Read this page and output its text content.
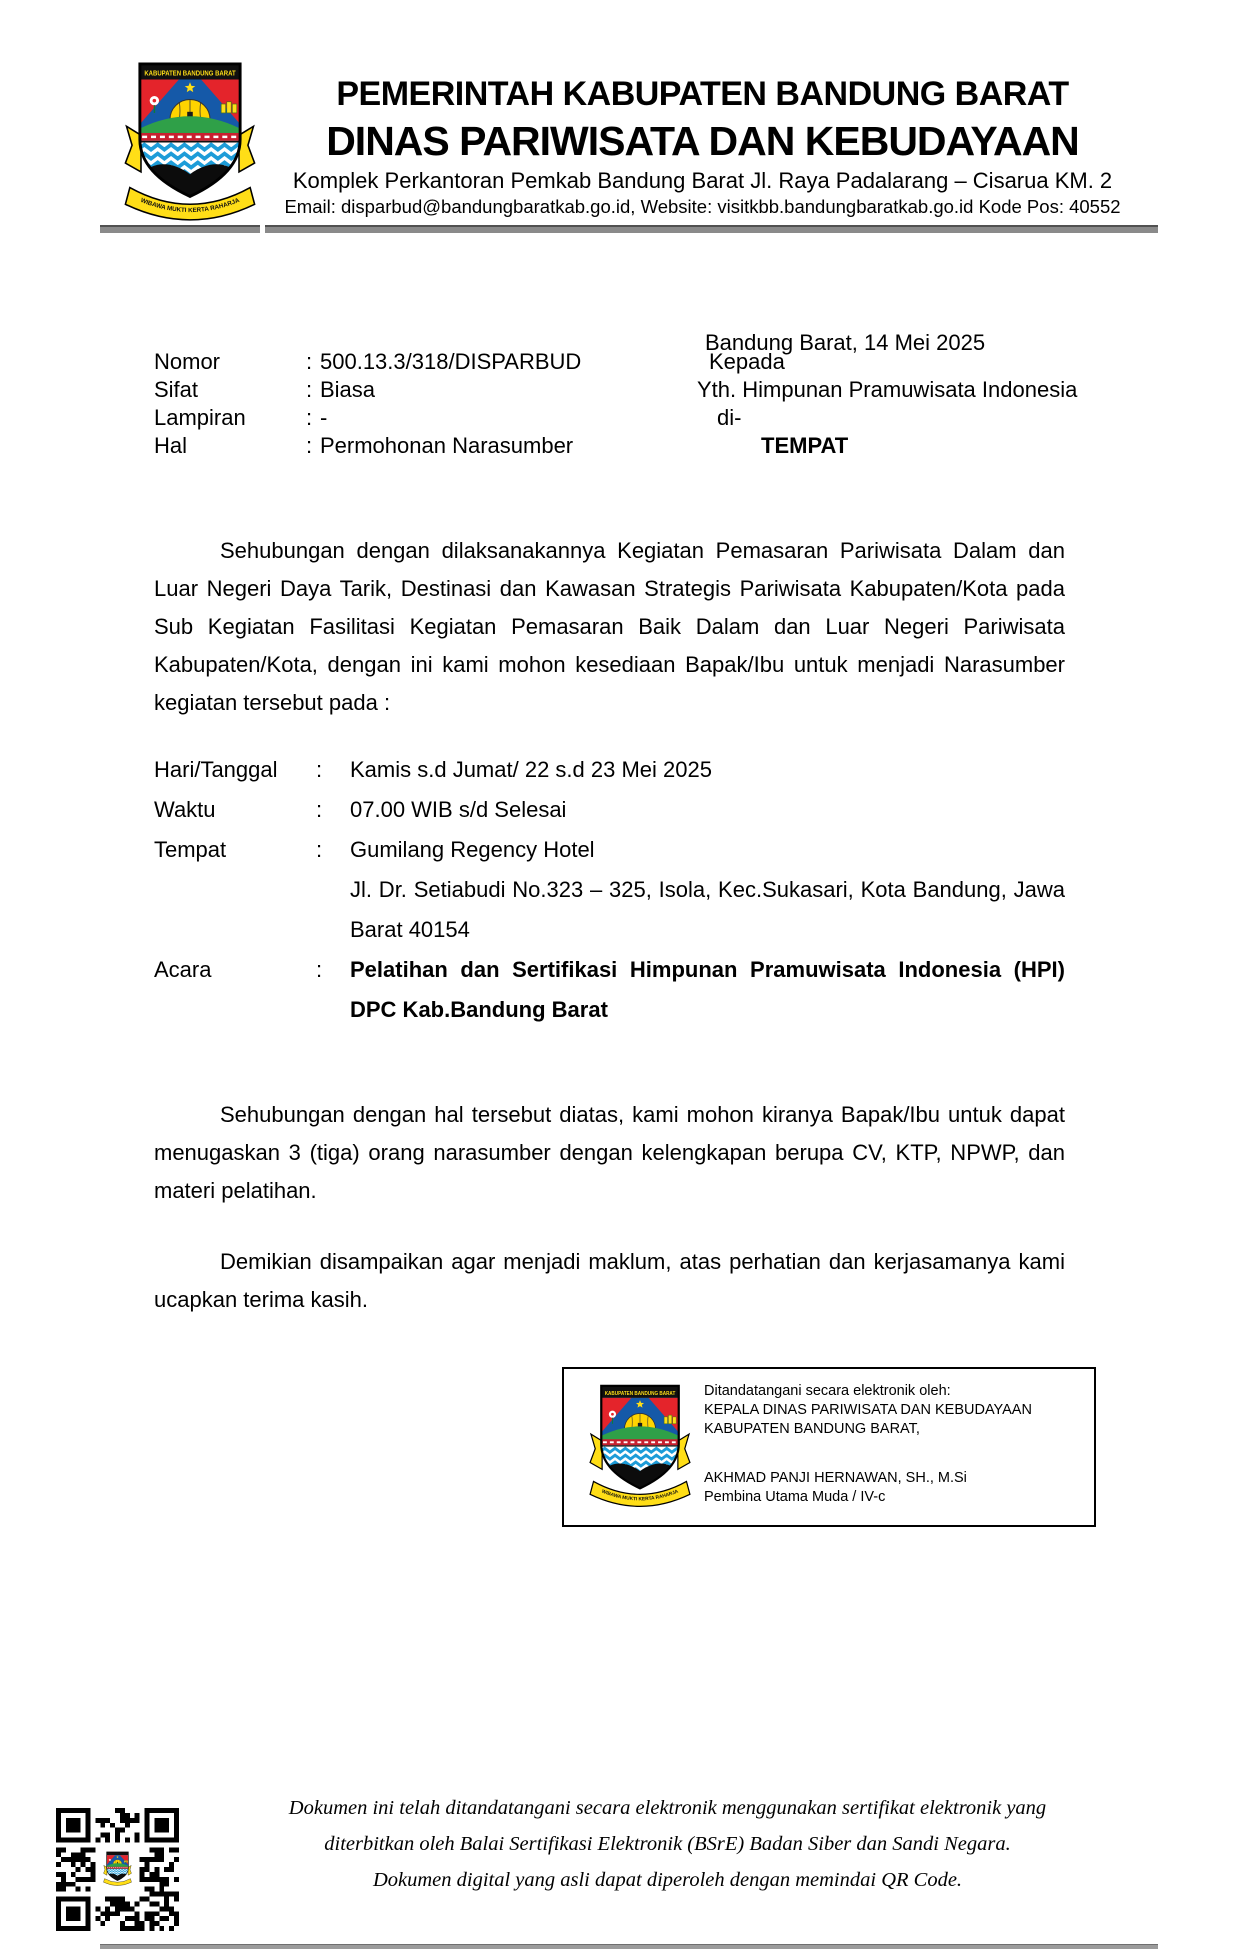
KABUPATEN BANDUNG BARAT
WIBAWA MUKTI KERTA RAHARJA
PEMERINTAH KABUPATEN BANDUNG BARAT
DINAS PARIWISATA DAN KEBUDAYAAN
Komplek Perkantoran Pemkab Bandung Barat Jl. Raya Padalarang – Cisarua KM. 2
Email: disparbud@bandungbaratkab.go.id, Website: visitkbb.bandungbaratkab.go.id Kode Pos: 40552
Bandung Barat, 14 Mei 2025
Nomor	: 500.13.3/318/DISPARBUD
Sifat	: Biasa
Lampiran	: -
Hal	: Permohonan Narasumber
Kepada
Yth. Himpunan Pramuwisata Indonesia
di-
TEMPAT
Sehubungan dengan dilaksanakannya Kegiatan Pemasaran Pariwisata Dalam dan
Luar Negeri Daya Tarik, Destinasi dan Kawasan Strategis Pariwisata Kabupaten/Kota pada
Sub Kegiatan Fasilitasi Kegiatan Pemasaran Baik Dalam dan Luar Negeri Pariwisata
Kabupaten/Kota, dengan ini kami mohon kesediaan Bapak/Ibu untuk menjadi Narasumber
kegiatan tersebut pada :
Hari/Tanggal	:	Kamis s.d Jumat/ 22 s.d 23 Mei 2025
Waktu	:	07.00 WIB s/d Selesai
Tempat	:	Gumilang Regency Hotel
Jl. Dr. Setiabudi No.323 – 325, Isola, Kec.Sukasari, Kota Bandung, Jawa
Barat 40154
Acara	:	Pelatihan dan Sertifikasi Himpunan Pramuwisata Indonesia (HPI)
DPC Kab.Bandung Barat
Sehubungan dengan hal tersebut diatas, kami mohon kiranya Bapak/Ibu untuk dapat
menugaskan 3 (tiga) orang narasumber dengan kelengkapan berupa CV, KTP, NPWP, dan
materi pelatihan.
Demikian disampaikan agar menjadi maklum, atas perhatian dan kerjasamanya kami
ucapkan terima kasih.
KABUPATEN BANDUNG BARAT
WIBAWA MUKTI KERTA RAHARJA
Ditandatangani secara elektronik oleh:
KEPALA DINAS PARIWISATA DAN KEBUDAYAAN
KABUPATEN BANDUNG BARAT,
AKHMAD PANJI HERNAWAN, SH., M.Si
Pembina Utama Muda / IV-c
Dokumen ini telah ditandatangani secara elektronik menggunakan sertifikat elektronik yang
diterbitkan oleh Balai Sertifikasi Elektronik (BSrE) Badan Siber dan Sandi Negara.
Dokumen digital yang asli dapat diperoleh dengan memindai QR Code.
